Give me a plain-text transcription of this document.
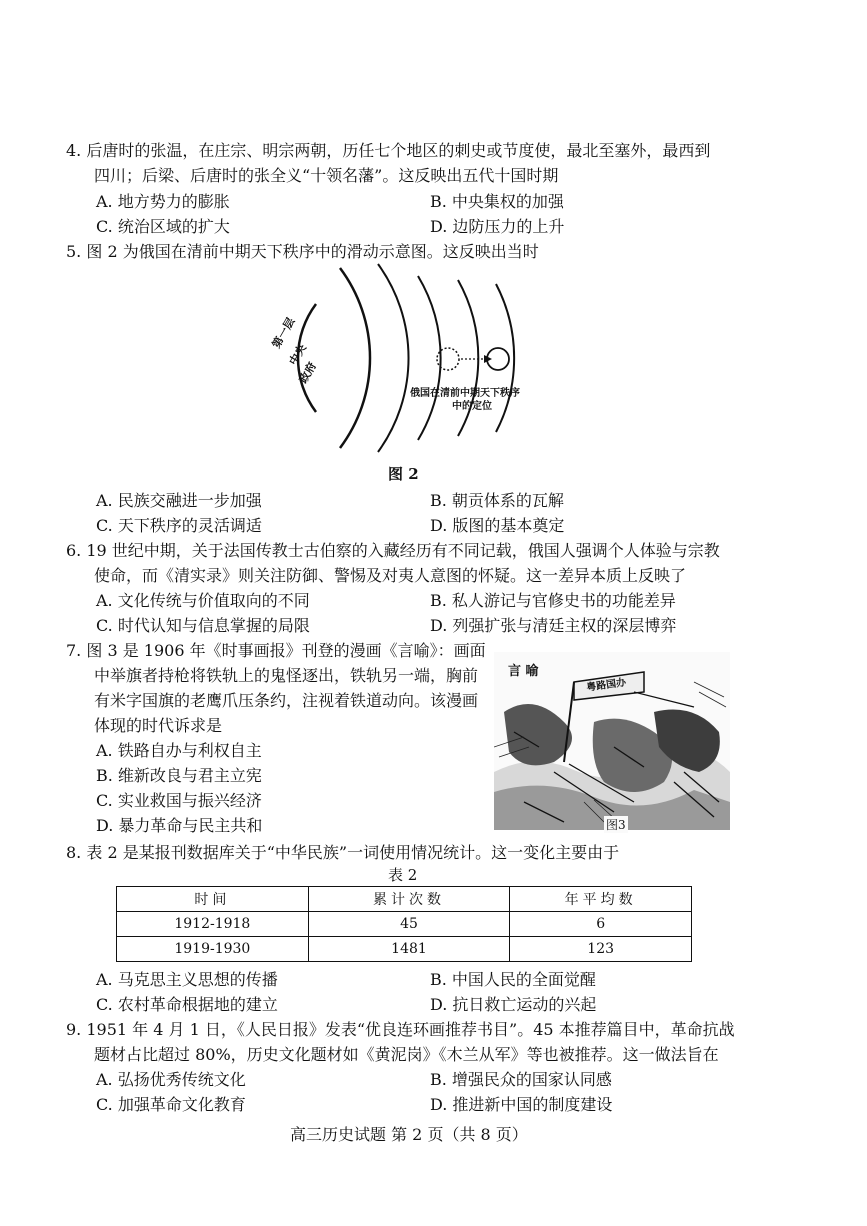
4. 后唐时的张温，在庄宗、明宗两朝，历任七个地区的刺史或节度使，最北至塞外，最西到
四川；后梁、后唐时的张全义“十领名藩”。这反映出五代十国时期
A. 地方势力的膨胀	B. 中央集权的加强
C. 统治区域的扩大	D. 边防压力的上升
5. 图 2 为俄国在清前中期天下秩序中的滑动示意图。这反映出当时
第一层
中央
政府
俄国在清前中期天下秩序
中的定位
图 2
A. 民族交融进一步加强	B. 朝贡体系的瓦解
C. 天下秩序的灵活调适	D. 版图的基本奠定
6. 19 世纪中期，关于法国传教士古伯察的入藏经历有不同记载，俄国人强调个人体验与宗教
使命，而《清实录》则关注防御、警惕及对夷人意图的怀疑。这一差异本质上反映了
A. 文化传统与价值取向的不同	B. 私人游记与官修史书的功能差异
C. 时代认知与信息掌握的局限	D. 列强扩张与清廷主权的深层博弈
7. 图 3 是 1906 年《时事画报》刊登的漫画《言喻》：画面
中举旗者持枪将铁轨上的鬼怪逐出，铁轨另一端，胸前
有米字国旗的老鹰爪压条约，注视着铁道动向。该漫画
体现的时代诉求是
A. 铁路自办与利权自主
B. 维新改良与君主立宪
C. 实业救国与振兴经济
D. 暴力革命与民主共和
言 喻
粤路国办
图3
8. 表 2 是某报刊数据库关于“中华民族”一词使用情况统计。这一变化主要由于
表 2
时间	累计次数	年平均数
1912-1918	45	6
1919-1930	1481	123
A. 马克思主义思想的传播	B. 中国人民的全面觉醒
C. 农村革命根据地的建立	D. 抗日救亡运动的兴起
9. 1951 年 4 月 1 日，《人民日报》发表“优良连环画推荐书目”。45 本推荐篇目中，革命抗战
题材占比超过 80%，历史文化题材如《黄泥岗》《木兰从军》等也被推荐。这一做法旨在
A. 弘扬优秀传统文化	B. 增强民众的国家认同感
C. 加强革命文化教育	D. 推进新中国的制度建设
高三历史试题 第 2 页（共 8 页）
